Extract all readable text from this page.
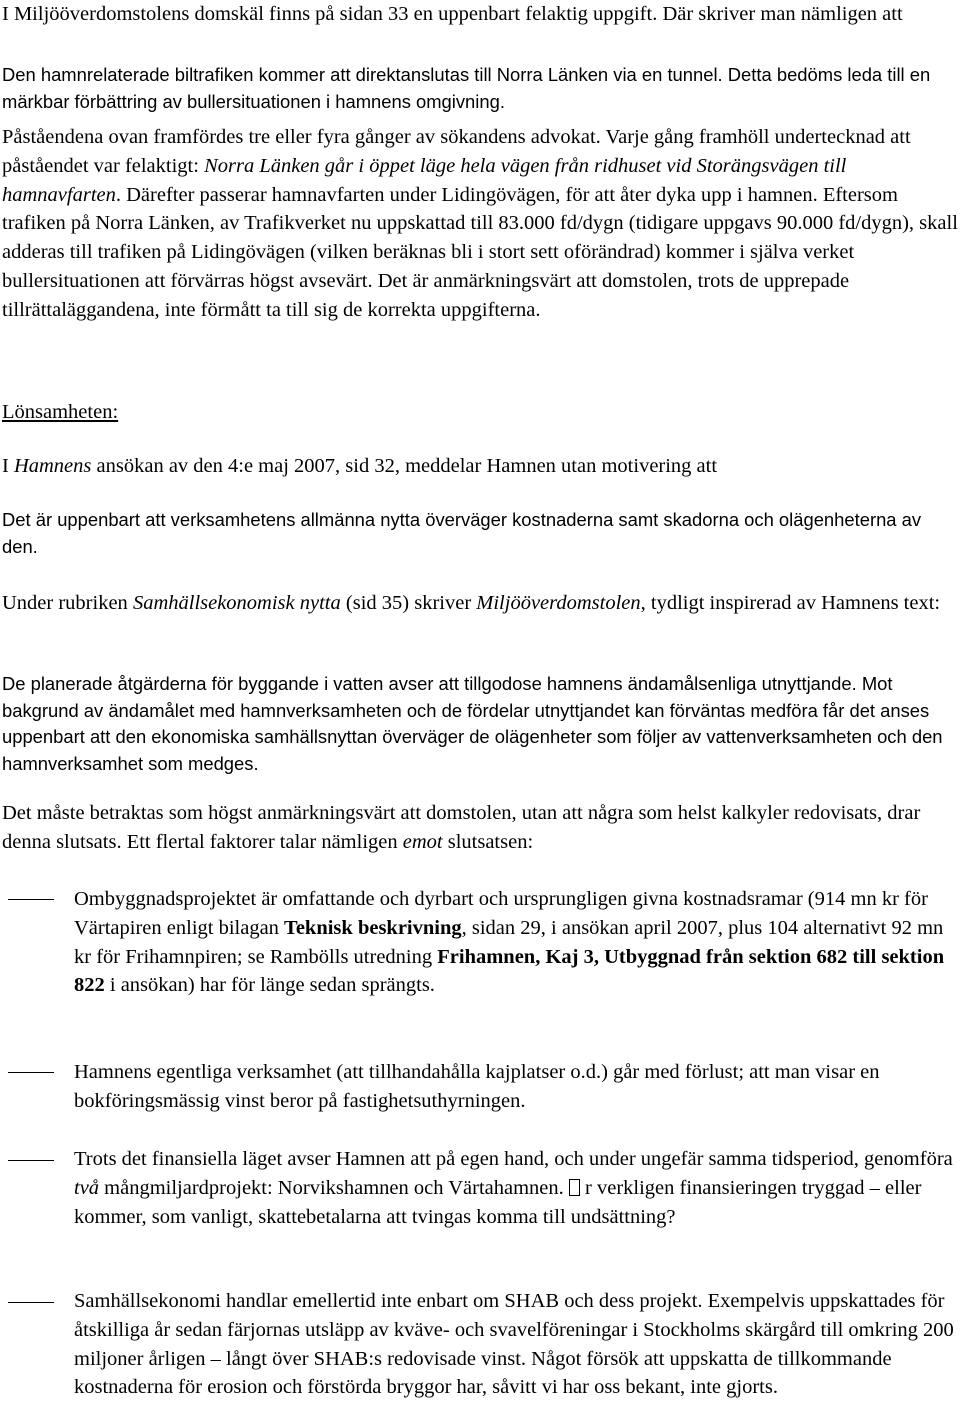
I Miljööverdomstolens domskäl finns på sidan 33 en uppenbart felaktig uppgift. Där skriver man nämligen att

Den hamnrelaterade biltrafiken kommer att direktanslutas till Norra Länken via en tunnel. Detta bedöms leda till en märkbar förbättring av bullersituationen i hamnens omgivning.

Påståendena ovan framfördes tre eller fyra gånger av sökandens advokat. Varje gång framhöll undertecknad att påståendet var felaktigt: Norra Länken går i öppet läge hela vägen från ridhuset vid Storängsvägen till hamnavfarten. Därefter passerar hamnavfarten under Lidingövägen, för att åter dyka upp i hamnen. Eftersom trafiken på Norra Länken, av Trafikverket nu uppskattad till 83.000 fd/dygn (tidigare uppgavs 90.000 fd/dygn), skall adderas till trafiken på Lidingövägen (vilken beräknas bli i stort sett oförändrad) kommer i själva verket bullersituationen att förvärras högst avsevärt. Det är anmärkningsvärt att domstolen, trots de upprepade tillrättaläggandena, inte förmått ta till sig de korrekta uppgifterna.

Lönsamheten:

I Hamnens ansökan av den 4:e maj 2007, sid 32, meddelar Hamnen utan motivering att

Det är uppenbart att verksamhetens allmänna nytta överväger kostnaderna samt skadorna och olägenheterna av den.

Under rubriken Samhällsekonomisk nytta (sid 35) skriver Miljööverdomstolen, tydligt inspirerad av Hamnens text:

De planerade åtgärderna för byggande i vatten avser att tillgodose hamnens ändamålsenliga utnyttjande. Mot bakgrund av ändamålet med hamnverksamheten och de fördelar utnyttjandet kan förväntas medföra får det anses uppenbart att den ekonomiska samhällsnyttan överväger de olägenheter som följer av vattenverksamheten och den hamnverksamhet som medges.

Det måste betraktas som högst anmärkningsvärt att domstolen, utan att några som helst kalkyler redovisats, drar denna slutsats. Ett flertal faktorer talar nämligen emot slutsatsen:

Ombyggnadsprojektet är omfattande och dyrbart och ursprungligen givna kostnadsramar (914 mn kr för Värtapiren enligt bilagan Teknisk beskrivning, sidan 29, i ansökan april 2007, plus 104 alternativt 92 mn kr för Frihamnpiren; se Rambölls utredning Frihamnen, Kaj 3, Utbyggnad från sektion 682 till sektion 822 i ansökan) har för länge sedan sprängts.

Hamnens egentliga verksamhet (att tillhandahålla kajplatser o.d.) går med förlust; att man visar en bokföringsmässig vinst beror på fastighetsuthyrningen.

Trots det finansiella läget avser Hamnen att på egen hand, och under ungefär samma tidsperiod, genomföra två mångmiljardprojekt: Norvikshamnen och Värtahamnen.  r verkligen finansieringen tryggad – eller kommer, som vanligt, skattebetalarna att tvingas komma till undsättning?

Samhällsekonomi handlar emellertid inte enbart om SHAB och dess projekt. Exempelvis uppskattades för åtskilliga år sedan färjornas utsläpp av kväve- och svavelföreningar i Stockholms skärgård till omkring 200 miljoner årligen – långt över SHAB:s redovisade vinst. Något försök att uppskatta de tillkommande kostnaderna för erosion och förstörda bryggor har, såvitt vi har oss bekant, inte gjorts.
